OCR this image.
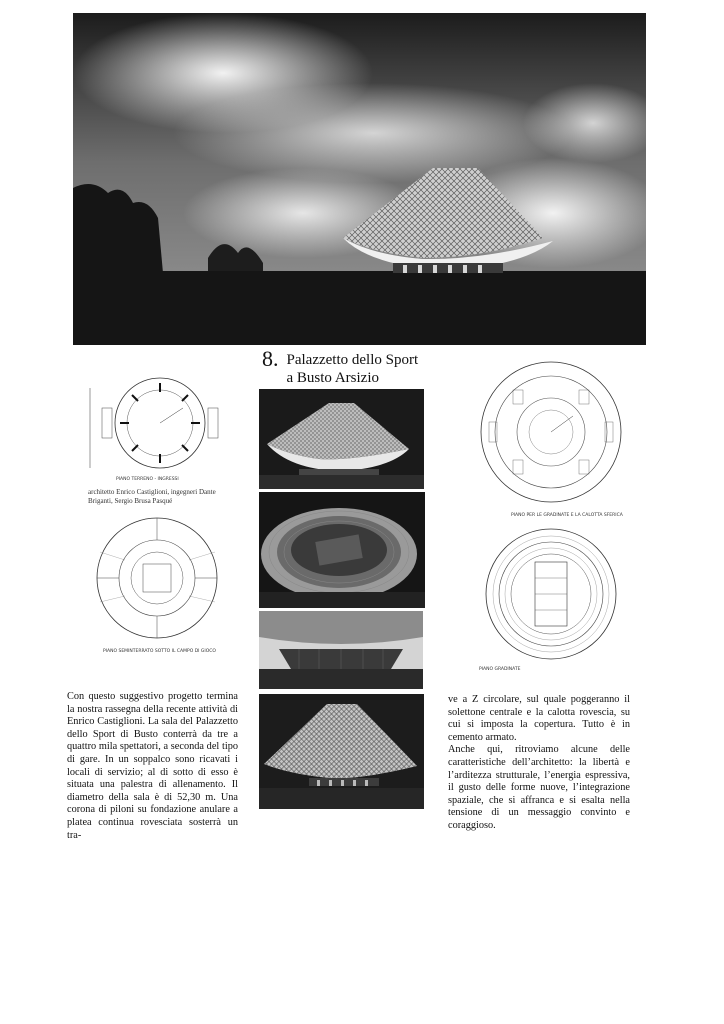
8. Palazzetto dello Sport
a Busto Arsizio
PIANO TERRENO - INGRESSI
architetto Enrico Castiglioni, ingegneri Dante
Briganti, Sergio Brusa Pasqué
PIANO SEMINTERRATO SOTTO IL CAMPO DI GIOCO
PIANO PER LE GRADINATE E LA CALOTTA SFERICA
PIANO GRADINATE

Con questo suggestivo progetto termina la nostra rassegna della recente attività di Enrico Castiglioni. La sala del Palazzetto dello Sport di Busto conterrà da tre a quattro mila spettatori, a seconda del tipo di gare. In un soppalco sono ricavati i locali di servizio; al di sotto di esso è situata una palestra di allenamento. Il diametro della sala è di 52,30 m. Una corona di piloni su fondazione anulare a platea continua rovesciata sosterrà un tra-

ve a Z circolare, sul quale poggeranno il solettone centrale e la calotta rovescia, su cui si imposta la copertura. Tutto è in cemento armato.

Anche qui, ritroviamo alcune delle caratteristiche dell’architetto: la libertà e l’arditezza strutturale, l’energia espressiva, il gusto delle forme nuove, l’integrazione spaziale, che si affranca e si esalta nella tensione di un messaggio convinto e coraggioso.
